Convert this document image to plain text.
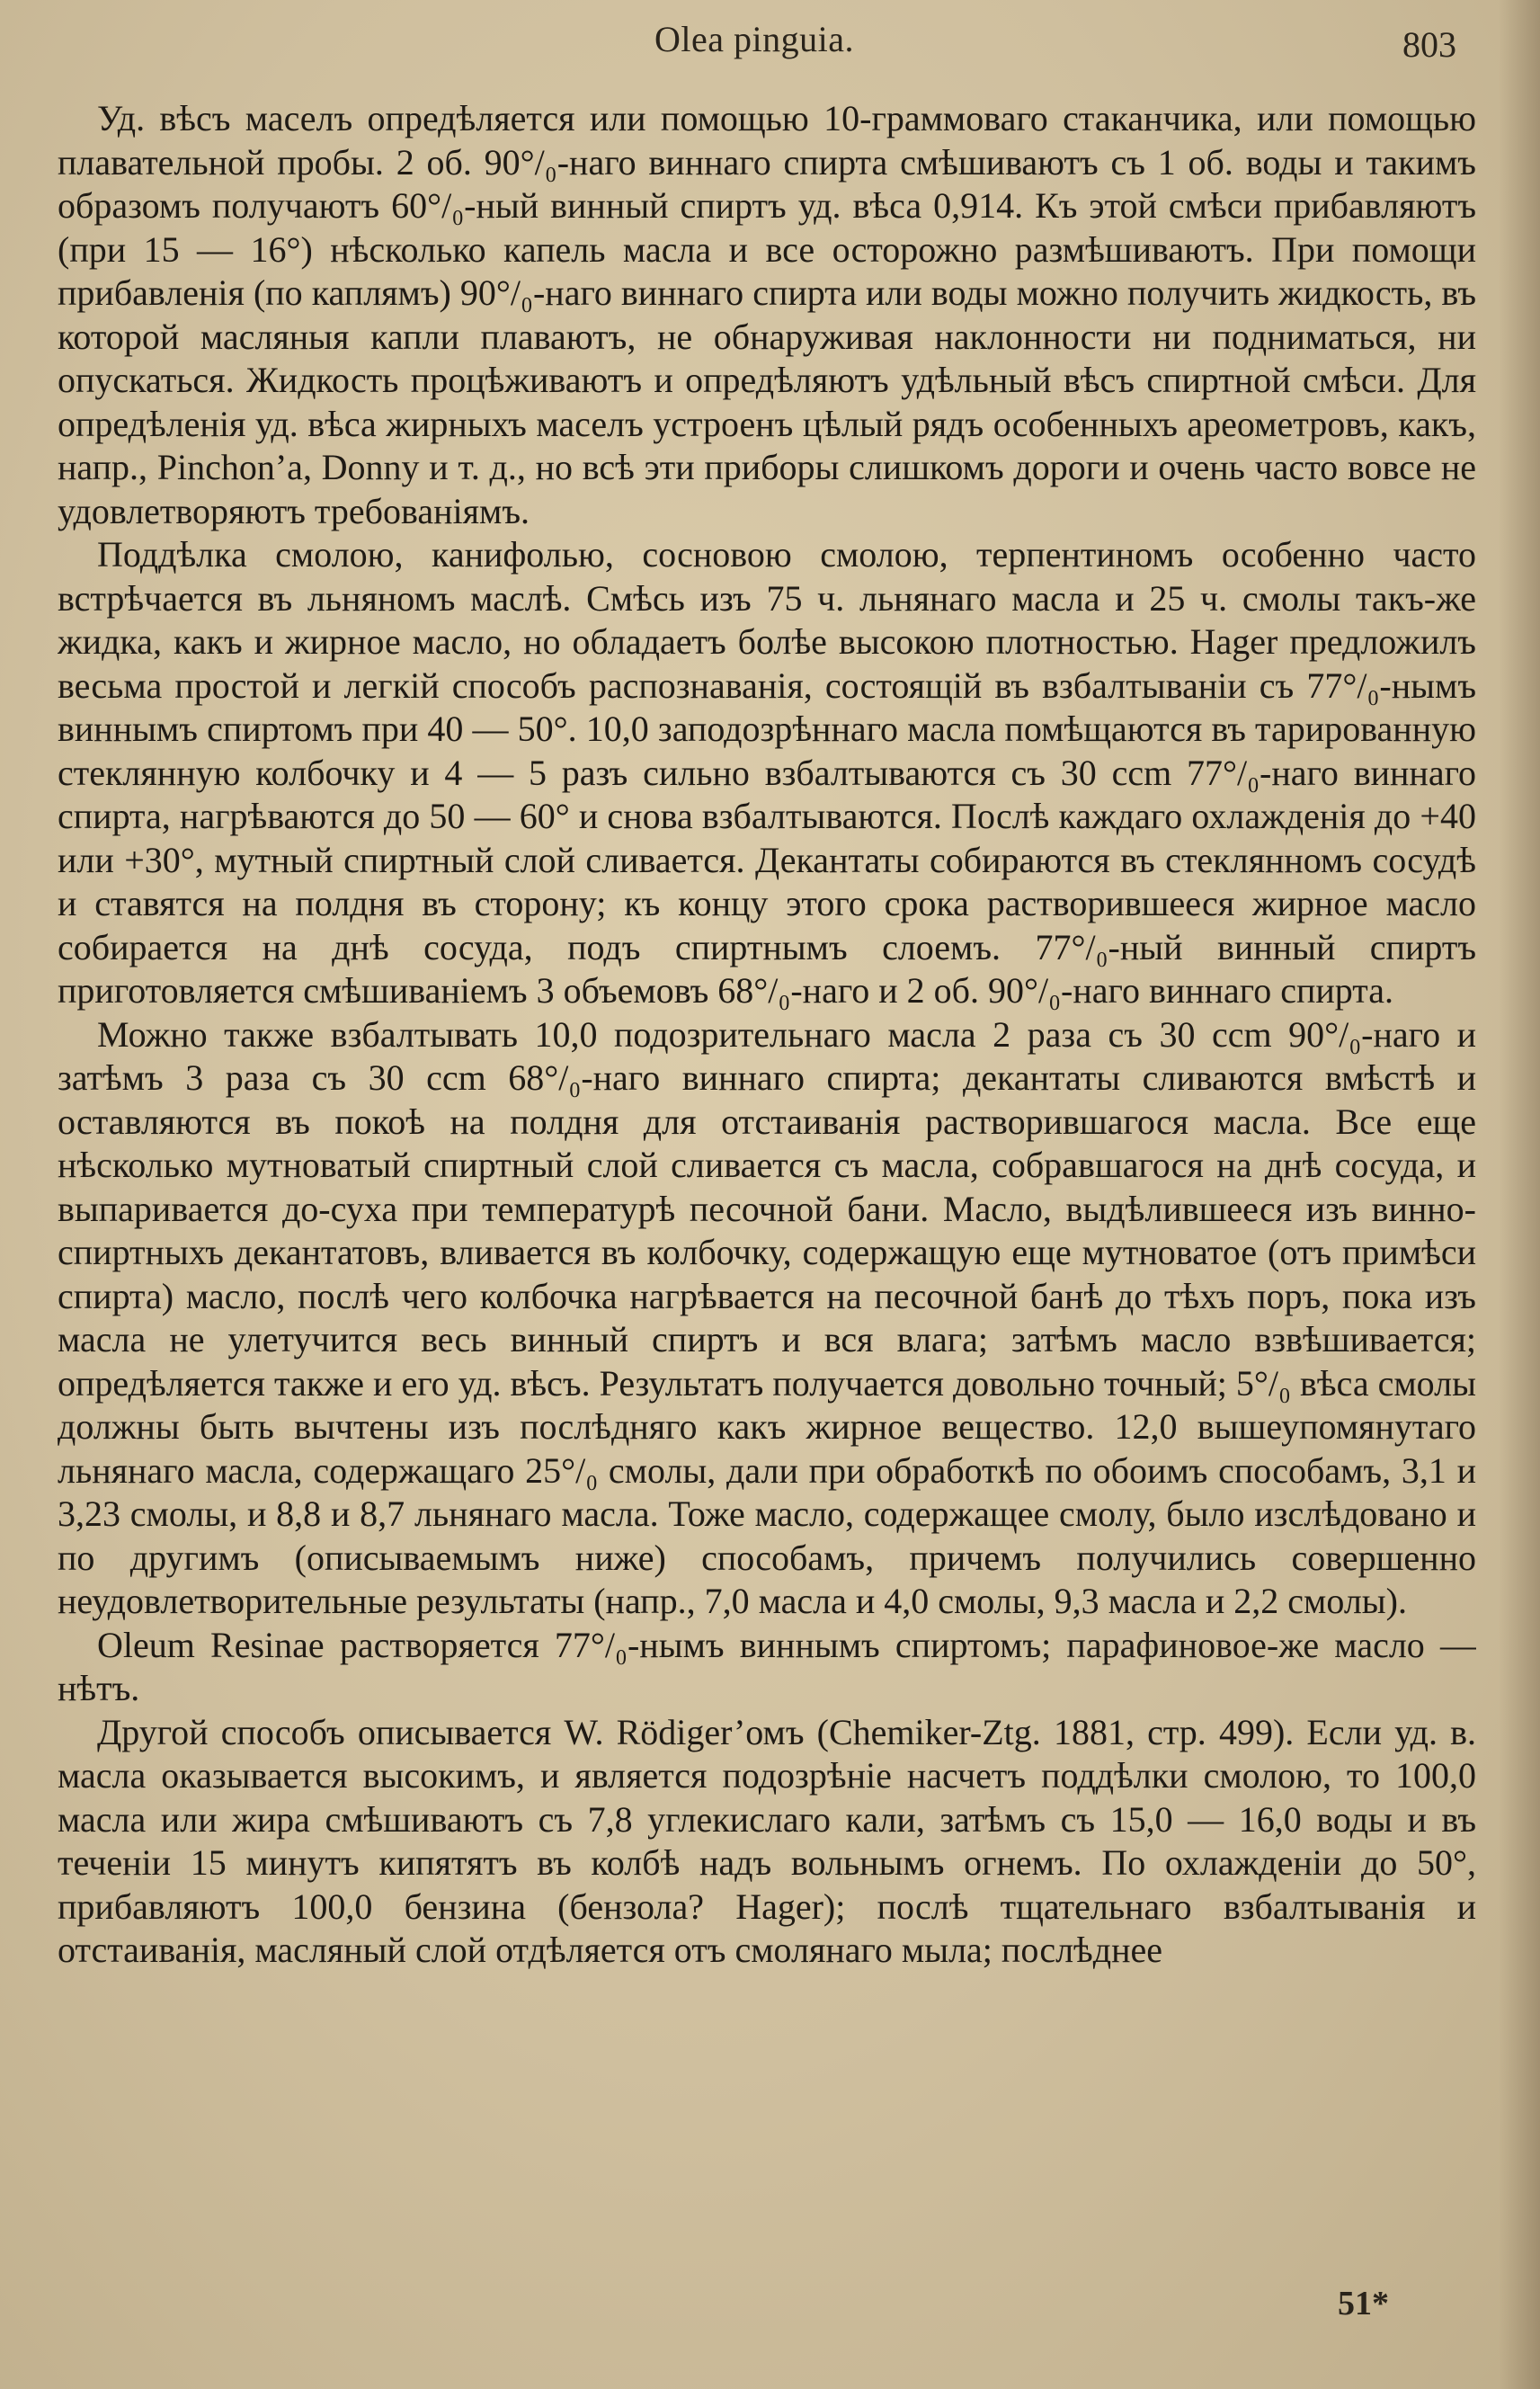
Olea pinguia.	803

Уд. вѣсъ маселъ опредѣляется или помощью 10-граммоваго стаканчика, или помощью плавательной пробы. 2 об. 90°/₀-наго виннаго спирта смѣшиваютъ съ 1 об. воды и такимъ образомъ получаютъ 60°/₀-ный винный спиртъ уд. вѣса 0,914. Къ этой смѣси прибавляютъ (при 15 — 16°) нѣсколько капель масла и все осторожно размѣшиваютъ. При помощи прибавленія (по каплямъ) 90°/₀-наго виннаго спирта или воды можно получить жидкость, въ которой масляныя капли плаваютъ, не обнаруживая наклонности ни подниматься, ни опускаться. Жидкость процѣживаютъ и опредѣляютъ удѣльный вѣсъ спиртной смѣси. Для опредѣленія уд. вѣса жирныхъ маселъ устроенъ цѣлый рядъ особенныхъ ареометровъ, какъ, напр., Pinchon’a, Donny и т. д., но всѣ эти приборы слишкомъ дороги и очень часто вовсе не удовлетворяютъ требованіямъ.

Поддѣлка смолою, канифолью, сосновою смолою, терпентиномъ особенно часто встрѣчается въ льняномъ маслѣ. Смѣсь изъ 75 ч. льнянаго масла и 25 ч. смолы такъ-же жидка, какъ и жирное масло, но обладаетъ болѣе высокою плотностью. Hager предложилъ весьма простой и легкій способъ распознаванія, состоящій въ взбалтываніи съ 77°/₀-нымъ виннымъ спиртомъ при 40 — 50°. 10,0 заподозрѣннаго масла помѣщаются въ тарированную стеклянную колбочку и 4 — 5 разъ сильно взбалтываются съ 30 ccm 77°/₀-наго виннаго спирта, нагрѣваются до 50 — 60° и снова взбалтываются. Послѣ каждаго охлажденія до +40 или +30°, мутный спиртный слой сливается. Декантаты собираются въ стеклянномъ сосудѣ и ставятся на полдня въ сторону; къ концу этого срока растворившееся жирное масло собирается на днѣ сосуда, подъ спиртнымъ слоемъ. 77°/₀-ный винный спиртъ приготовляется смѣшиваніемъ 3 объемовъ 68°/₀-наго и 2 об. 90°/₀-наго виннаго спирта.

Можно также взбалтывать 10,0 подозрительнаго масла 2 раза съ 30 ccm 90°/₀-наго и затѣмъ 3 раза съ 30 ccm 68°/₀-наго виннаго спирта; декантаты сливаются вмѣстѣ и оставляются въ покоѣ на полдня для отстаиванія растворившагося масла. Все еще нѣсколько мутноватый спиртный слой сливается съ масла, собравшагося на днѣ сосуда, и выпаривается до-суха при температурѣ песочной бани. Масло, выдѣлившееся изъ винно-спиртныхъ декантатовъ, вливается въ колбочку, содержащую еще мутноватое (отъ примѣси спирта) масло, послѣ чего колбочка нагрѣвается на песочной банѣ до тѣхъ поръ, пока изъ масла не улетучится весь винный спиртъ и вся влага; затѣмъ масло взвѣшивается; опредѣляется также и его уд. вѣсъ. Результатъ получается довольно точный; 5°/₀ вѣса смолы должны быть вычтены изъ послѣдняго какъ жирное вещество. 12,0 вышеупомянутаго льнянаго масла, содержащаго 25°/₀ смолы, дали при обработкѣ по обоимъ способамъ, 3,1 и 3,23 смолы, и 8,8 и 8,7 льнянаго масла. Тоже масло, содержащее смолу, было изслѣдовано и по другимъ (описываемымъ ниже) способамъ, причемъ получились совершенно неудовлетворительные результаты (напр., 7,0 масла и 4,0 смолы, 9,3 масла и 2,2 смолы).

Oleum Resinae растворяется 77°/₀-нымъ виннымъ спиртомъ; парафиновое-же масло — нѣтъ.

Другой способъ описывается W. Rödiger’омъ (Chemiker-Ztg. 1881, стр. 499). Если уд. в. масла оказывается высокимъ, и является подозрѣніе насчетъ поддѣлки смолою, то 100,0 масла или жира смѣшиваютъ съ 7,8 углекислаго кали, затѣмъ съ 15,0 — 16,0 воды и въ теченіи 15 минутъ кипятятъ въ колбѣ надъ вольнымъ огнемъ. По охлажденіи до 50°, прибавляютъ 100,0 бензина (бензола? Hager); послѣ тщательнаго взбалтыванія и отстаиванія, масляный слой отдѣляется отъ смолянаго мыла; послѣднее

51*
